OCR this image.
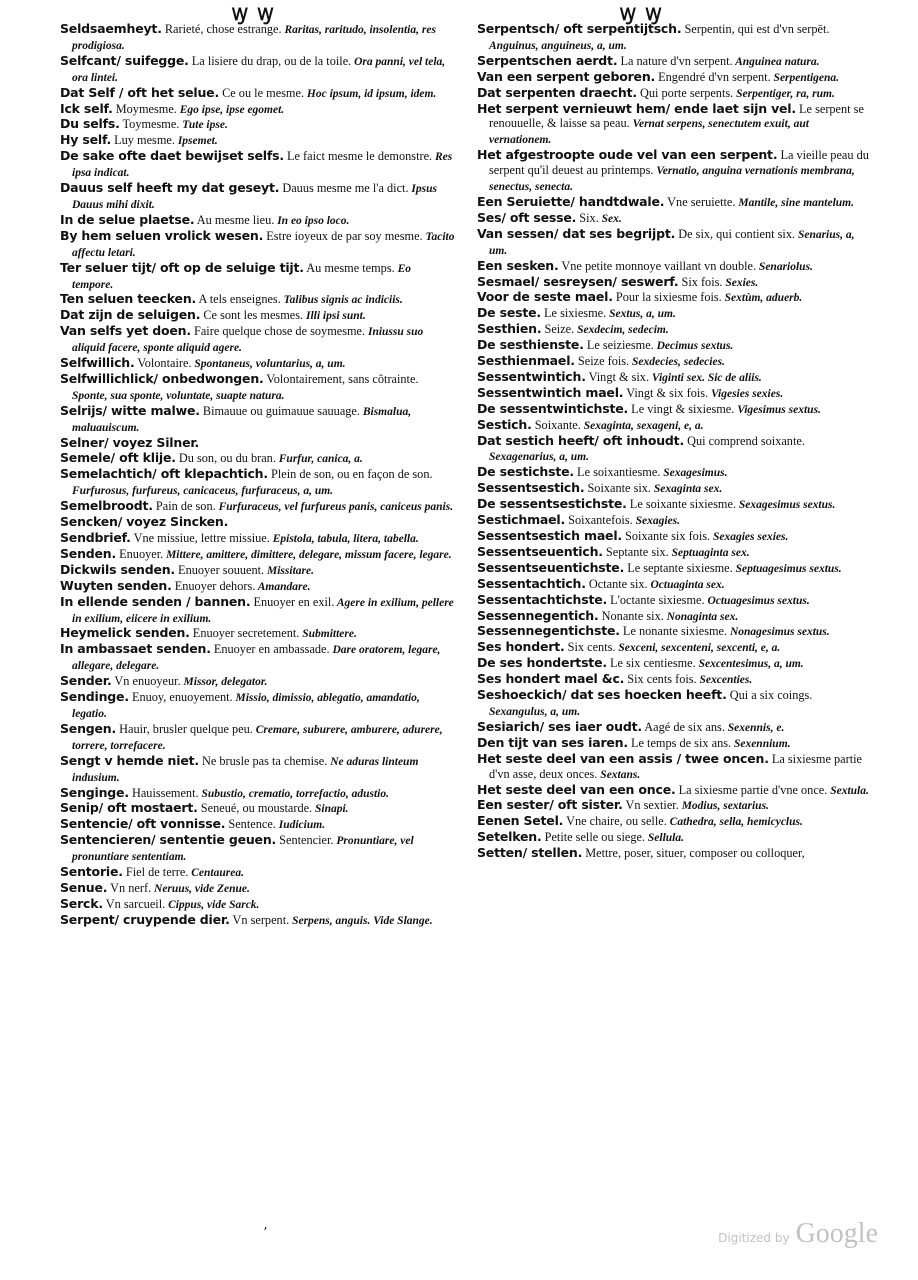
Ꝡ Ꝡ	Ꝡ Ꝡ

Seldsaemheyt. Rarieté, chose estrange. Raritas, raritudo, insolentia, res prodigiosa.

Selfcant/ suifegge. La lisiere du drap, ou de la toile. Ora panni, vel tela, ora lintei.

Dat Self / oft het selue. Ce ou le mesme. Hoc ipsum, id ipsum, idem.

Ick self. Moymesme. Ego ipse, ipse egomet.

Du selfs. Toymesme. Tute ipse.

Hy self. Luy mesme. Ipsemet.

De sake ofte daet bewijset selfs. Le faict mesme le demonstre. Res ipsa indicat.

Dauus self heeft my dat geseyt. Dauus mesme me l'a dict. Ipsus Dauus mihi dixit.

In de selue plaetse. Au mesme lieu. In eo ipso loco.

By hem seluen vrolick wesen. Estre ioyeux de par soy mesme. Tacito affectu letari.

Ter seluer tijt/ oft op de seluige tijt. Au mesme temps. Eo tempore.

Ten seluen teecken. A tels enseignes. Talibus signis ac indiciis.

Dat zijn de seluigen. Ce sont les mesmes. Illi ipsi sunt.

Van selfs yet doen. Faire quelque chose de soymesme. Iniussu suo aliquid facere, sponte aliquid agere.

Selfwillich. Volontaire. Spontaneus, voluntarius, a, um.

Selfwillichlick/ onbedwongen. Volontairement, sans côtrainte. Sponte, sua sponte, voluntate, suapte natura.

Selrijs/ witte malwe. Bimauue ou guimauue sauuage. Bismalua, maluauiscum.

Selner/ voyez Silner.

Semele/ oft klije. Du son, ou du bran. Furfur, canica, a.

Semelachtich/ oft klepachtich. Plein de son, ou en façon de son. Furfurosus, furfureus, canicaceus, furfuraceus, a, um.

Semelbroodt. Pain de son. Furfuraceus, vel furfureus panis, caniceus panis.

Sencken/ voyez Sincken.

Sendbrief. Vne missiue, lettre missiue. Epistola, tabula, litera, tabella.

Senden. Enuoyer. Mittere, amittere, dimittere, delegare, missum facere, legare.

Dickwils senden. Enuoyer souuent. Missitare.

Wuyten senden. Enuoyer dehors. Amandare.

In ellende senden / bannen. Enuoyer en exil. Agere in exilium, pellere in exilium, eiicere in exilium.

Heymelick senden. Enuoyer secretement. Submittere.

In ambassaet senden. Enuoyer en ambassade. Dare oratorem, legare, allegare, delegare.

Sender. Vn enuoyeur. Missor, delegator.

Sendinge. Enuoy, enuoyement. Missio, dimissio, ablegatio, amandatio, legatio.

Sengen. Hauir, brusler quelque peu. Cremare, suburere, amburere, adurere, torrere, torrefacere.

Sengt v hemde niet. Ne brusle pas ta chemise. Ne aduras linteum indusium.

Senginge. Hauissement. Subustio, crematio, torrefactio, adustio.

Senip/ oft mostaert. Seneué, ou moustarde. Sinapi.

Sentencie/ oft vonnisse. Sentence. Iudicium.

Sentencieren/ sententie geuen. Sentencier. Pronuntiare, vel pronuntiare sententiam.

Sentorie. Fiel de terre. Centaurea.

Senue. Vn nerf. Neruus, vide Zenue.

Serck. Vn sarcueil. Cippus, vide Sarck.

Serpent/ cruypende dier. Vn serpent. Serpens, anguis. Vide Slange.

Serpentsch/ oft serpentijtsch. Serpentin, qui est d'vn serpēt. Anguinus, anguineus, a, um.

Serpentschen aerdt. La nature d'vn serpent. Anguinea natura.

Van een serpent geboren. Engendré d'vn serpent. Serpentigena.

Dat serpenten draecht. Qui porte serpents. Serpentiger, ra, rum.

Het serpent vernieuwt hem/ ende laet sijn vel. Le serpent se renouuelle, & laisse sa peau. Vernat serpens, senectutem exuit, aut vernationem.

Het afgestroopte oude vel van een serpent. La vieille peau du serpent qu'il deuest au printemps. Vernatio, anguina vernationis membrana, senectus, senecta.

Een Seruiette/ handtdwale. Vne seruiette. Mantile, sine mantelum.

Ses/ oft sesse. Six. Sex.

Van sessen/ dat ses begrijpt. De six, qui contient six. Senarius, a, um.

Een sesken. Vne petite monnoye vaillant vn double. Senariolus.

Sesmael/ sesreysen/ seswerf. Six fois. Sexies.

Voor de seste mael. Pour la sixiesme fois. Sextùm, aduerb.

De seste. Le sixiesme. Sextus, a, um.

Sesthien. Seize. Sexdecim, sedecim.

De sesthienste. Le seiziesme. Decimus sextus.

Sesthienmael. Seize fois. Sexdecies, sedecies.

Sessentwintich. Vingt & six. Viginti sex. Sic de aliis.

Sessentwintich mael. Vingt & six fois. Vigesies sexies.

De sessentwintichste. Le vingt & sixiesme. Vigesimus sextus.

Sestich. Soixante. Sexaginta, sexageni, e, a.

Dat sestich heeft/ oft inhoudt. Qui comprend soixante. Sexagenarius, a, um.

De sestichste. Le soixantiesme. Sexagesimus.

Sessentsestich. Soixante six. Sexaginta sex.

De sessentsestichste. Le soixante sixiesme. Sexagesimus sextus.

Sestichmael. Soixantefois. Sexagies.

Sessentsestich mael. Soixante six fois. Sexagies sexies.

Sessentseuentich. Septante six. Septuaginta sex.

Sessentseuentichste. Le septante sixiesme. Septuagesimus sextus.

Sessentachtich. Octante six. Octuaginta sex.

Sessentachtichste. L'octante sixiesme. Octuagesimus sextus.

Sessennegentich. Nonante six. Nonaginta sex.

Sessennegentichste. Le nonante sixiesme. Nonagesimus sextus.

Ses hondert. Six cents. Sexceni, sexcenteni, sexcenti, e, a.

De ses hondertste. Le six centiesme. Sexcentesimus, a, um.

Ses hondert mael &c. Six cents fois. Sexcenties.

Seshoeckich/ dat ses hoecken heeft. Qui a six coings. Sexangulus, a, um.

Sesiarich/ ses iaer oudt. Aagé de six ans. Sexennis, e.

Den tijt van ses iaren. Le temps de six ans. Sexennium.

Het seste deel van een assis / twee oncen. La sixiesme partie d'vn asse, deux onces. Sextans.

Het seste deel van een once. La sixiesme partie d'vne once. Sextula.

Een sester/ oft sister. Vn sextier. Modius, sextarius.

Eenen Setel. Vne chaire, ou selle. Cathedra, sella, hemicyclus.

Setelken. Petite selle ou siege. Sellula.

Setten/ stellen. Mettre, poser, situer, composer ou colloquer,

ʼ	Digitized by Google
